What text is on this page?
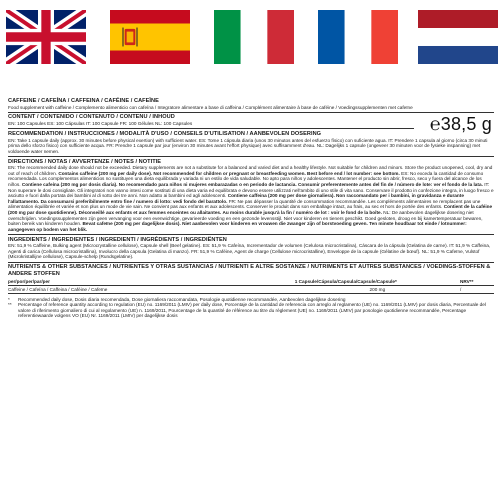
CAFFEINE / CAFEÍNA / CAFFEINA / CAFÉINE / CAFEÏNE

Food supplement with caffeine / Complemento alimenticio con cafeína / Integratore alimentare a base di caffeina / Complément alimentaire à base de caféine / Voedingssupplementen met cafeïne

CONTENT / CONTENIDO / CONTENUTO / CONTENU / INHOUD

EN: 100 Capsules ES: 100 Cápsulas IT: 100 Capsule FR: 100 Gélules NL: 100 Capsules	℮38,5 g

RECOMMENDATION / INSTRUCCIONES / MODALITÀ D'USO / CONSEILS D'UTILISATION / AANBEVOLEN DOSERING

EN: Take 1 capsule daily (approx. 30 minutes before physical exertion) with sufficient water. ES: Tome 1 cápsula diaria (unos 30 minutos antes del esfuerzo físico) con suficiente agua. IT: Prendere 1 capsula al giorno (circa 30 minuti prima dello sforzo fisico) con sufficiente acqua. FR: Prendre 1 capsule par jour (environ 30 minutes avant l'effort physique) avec suffisamment d'eau. NL: Dagelijks 1 capsule (ongeveer 30 minuten voor de fysieke inspanning) met voldoende water nemen.

DIRECTIONS / NOTAS / AVVERTENZE / NOTES / NOTITIE

EN: The recommended daily dose should not be exceeded. Dietary supplements are not a substitute for a balanced and varied diet and a healthy lifestyle. Not suitable for children and minors. Store the product unopened, cool, dry and out of reach of children. Contains caffeine (200 mg per daily dose). Not recommended for children or pregnant or breastfeeding women. Best before end / lot number: see bottom. ES: No exceda la cantidad de consumo recomendada. Los complementos alimenticios no sustituyen una dieta equilibrada y variada ni un estilo de vida saludable. No apto para niños y adolescentes. Mantener el producto sin abrir, fresco, seco y fuera del alcance de los niños. Contiene cafeína (200 mg por dosis diaria). No recomendado para niños ni mujeres embarazadas o en periodo de lactancia. Consumir preferentemente antes del fin de / número de lote: ver el fondo de la lata. IT: Non superare le dosi consigliate. Gli integratori non vanno intesi come sostituti di una dieta varia ed equilibrata e devono essere utilizzati nell'ambito di uno stile di vita sano. Conservare il prodotto in confezione integra, in luogo fresco e asciutto e fuori dalla portata dei bambini al di sotto dei tre anni. Non adatto ai bambini ed agli adolescenti. Contiene caffeina (200 mg per dose giornaliera). Non raccomandato per i bambini, in gravidanza e durante l'allattamento. Da consumarsi preferibilmente entro fine / numero di lotto: vedi fondo del barattolo. FR: Ne pas dépasser la quantité de consommation recommandée. Les compléments alimentaires ne remplacent pas une alimentation équilibrée et variée et non plus un mode de vie sain. Ne convient pas aux enfants et aux adolescents. Conserver le produit dans son emballage intact, au frais, au sec et hors de portée des enfants. Contient de la caféine (200 mg par dose quotidienne). Déconseillé aux enfants et aux femmes enceintes ou allaitantes. Au moins durable jusqu'à la fin / numéro de lot : voir le fond de la boîte. NL: De aanbevolen dagelijkse dosering niet overschrijden. Voedingssupplementen zijn geen vervanging voor een evenwichtige, gevarieerde voeding en een gezonde levensstijl. Niet voor kinderen en tieners geschikt. Goed gesloten, droog en bij kamertemperatuur bewaren, buiten bereik van kinderen houden. Bevat cafeïne (200 mg per dagelijkse dosis). Niet aanbevolen voor kinderen en vrouwen die zwanger zijn of borstvoeding geven. Ten minste houdbaar tot einde / lotnummer: aangegeven op bodem van het blik.

INGREDIENTS / INGREDIENTES / INGREDIENTI / INGRÉDIENTS / INGREDIËNTEN

EN: 51,9 % Caffeine, Bulking agent (Microcrystalline cellulose), Capsule shell (Beef gelatine). ES: 51,9 % Cafeína, Incrementador de volumen (Celulosa microcristalina), Cáscara de la cápsula (Gelatina de carne). IT: 51,9 % Caffeina, Agenti di carica (Cellulosa microcristallina), Involucro della capsula (Gelatina di manzo). FR: 51,9 % Caféine, Agent de charge (Cellulose microcristalline), Enveloppe de la capsule (Gélatine de bœuf). NL: 51,9 % Cafeïne, Vulstof (Microkristallijne cellulose), Capsule-schelp (Rundsgelatine).

NUTRIENTS & OTHER SUBSTANCES / NUTRIENTES Y OTRAS SUSTANCIAS / NUTRIENTI E ALTRE SOSTANZE / NUTRIMENTS ET AUTRES SUBSTANCES / VOEDINGS-STOFFEN & ANDERE STOFFEN

per/por/per/par/per	1 Capsule/Cápsula/Capsula/Capsule/Capsule*	NRV**
Caffeine / Cafeína / Caffeina / Caféine / Cafeïne	200 mg	/
*	Recommended daily dose, Dosis diaria recomendada, Dose giornaliera raccomandata, Posologie quotidienne recommandée, Aanbevolen dagelijkse dosering
**	Percentage of reference quantity according to regulation (EU) no. 1169/2011 (LMIV) per daily dose, Porcentaje de la cantidad de referencia con arreglo al reglamento (UE) no. 1169/2011 (LMIV) por dosis diaria, Percentuale del valore di riferimento giornaliero di cui al regolamento (UE) n. 1169/2011, Pourcentage de la quantité de référence au titre du règlement (UE) no. 1169/2011 (LMIV) par posologie quotidienne recommandée, Percentage referentiewaarde volgens VO (EU) Nr. 1169/2011 (LMIV) per dagelijkse dosis
